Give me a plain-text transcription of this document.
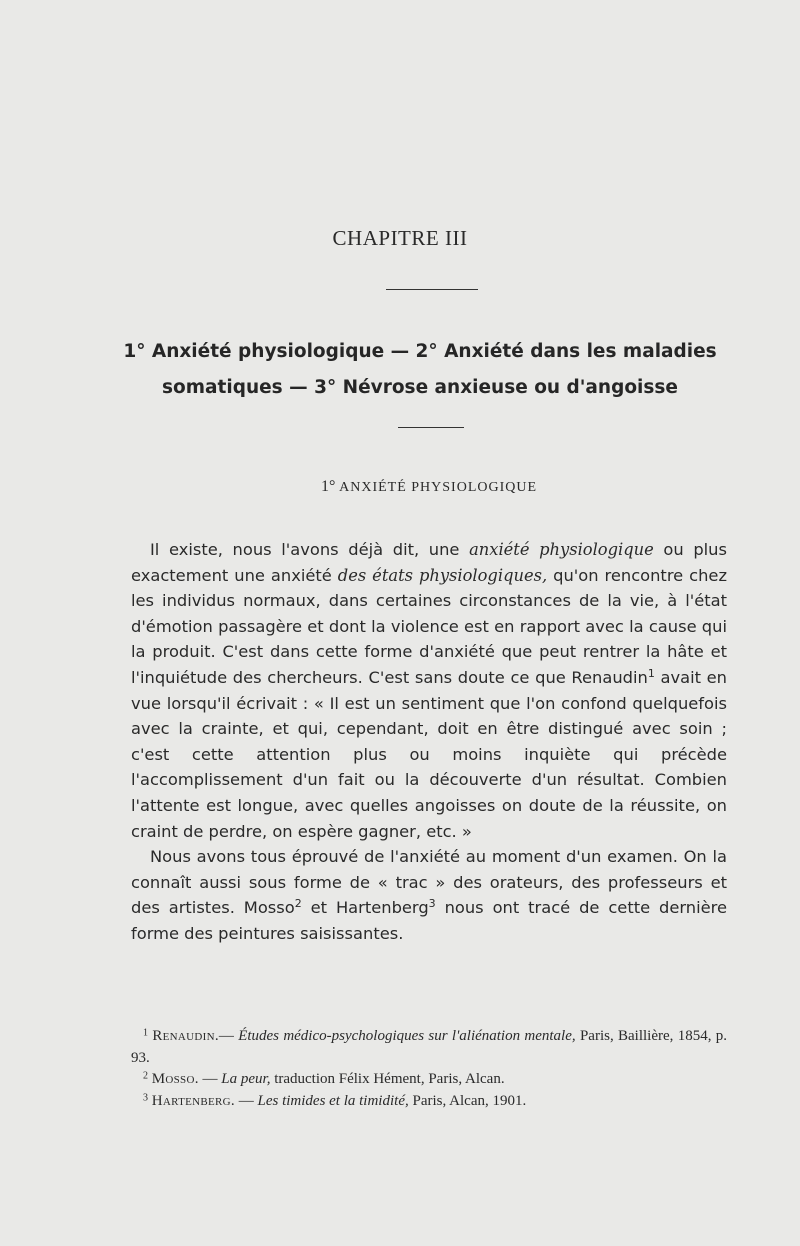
CHAPITRE III
1° Anxiété physiologique — 2° Anxiété dans les maladies
somatiques — 3° Névrose anxieuse ou d'angoisse
1° ANXIÉTÉ PHYSIOLOGIQUE

Il existe, nous l'avons déjà dit, une anxiété physiologique ou plus exactement une anxiété des états physiologiques, qu'on rencontre chez les individus normaux, dans certaines circonstances de la vie, à l'état d'émotion passagère et dont la violence est en rapport avec la cause qui la produit. C'est dans cette forme d'anxiété que peut rentrer la hâte et l'inquiétude des chercheurs. C'est sans doute ce que Renaudin$^1$ avait en vue lorsqu'il écrivait : « Il est un sentiment que l'on confond quelquefois avec la crainte, et qui, cependant, doit en être distingué avec soin ; c'est cette attention plus ou moins inquiète qui précède l'accomplissement d'un fait ou la découverte d'un résultat. Combien l'attente est longue, avec quelles angoisses on doute de la réussite, on craint de perdre, on espère gagner, etc. »

Nous avons tous éprouvé de l'anxiété au moment d'un examen. On la connaît aussi sous forme de « trac » des orateurs, des professeurs et des artistes. Mosso$^2$ et Hartenberg$^3$ nous ont tracé de cette dernière forme des peintures saisissantes.

$^1$ Renaudin.— Études médico-psychologiques sur l'aliénation mentale, Paris, Baillière, 1854, p. 93.

$^2$ Mosso. — La peur, traduction Félix Hément, Paris, Alcan.

$^3$ Hartenberg. — Les timides et la timidité, Paris, Alcan, 1901.
